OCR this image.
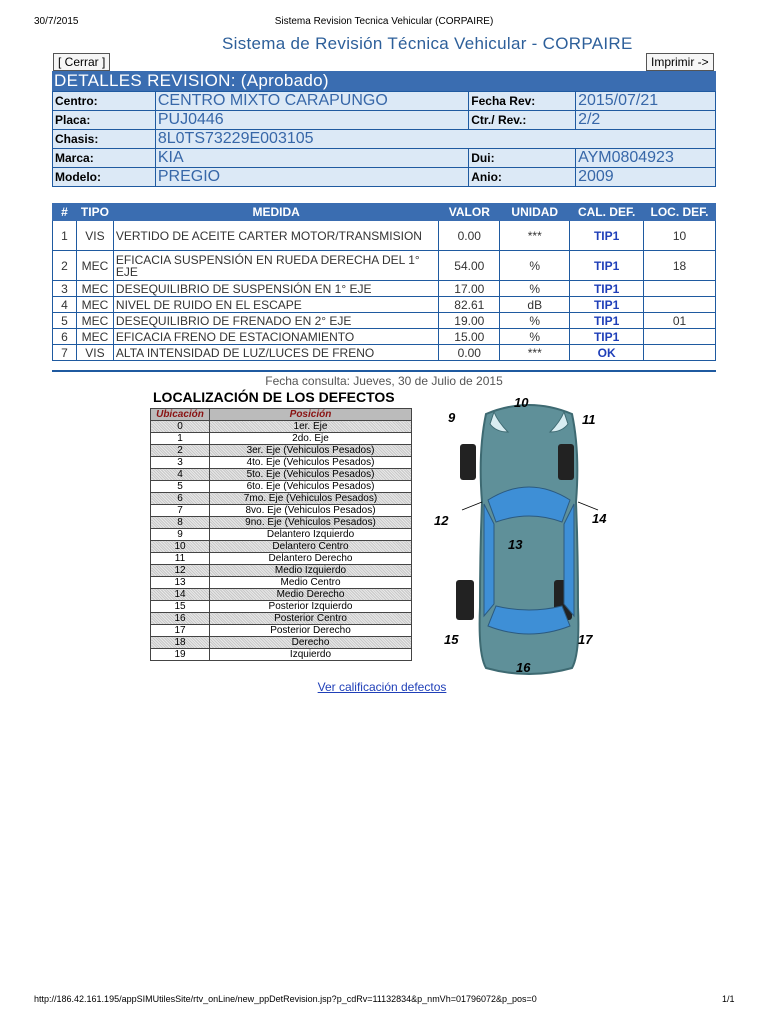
30/7/2015	Sistema Revision Tecnica Vehicular (CORPAIRE)
Sistema de Revisión Técnica Vehicular - CORPAIRE
[ Cerrar ]	Imprimir ->
DETALLES REVISION: (Aprobado)
Centro:	CENTRO MIXTO CARAPUNGO	Fecha Rev:	2015/07/21
Placa:	PUJ0446	Ctr./ Rev.:	2/2
Chasis:	8L0TS73229E003105		
Marca:	KIA	Dui:	AYM0804923
Modelo:	PREGIO	Anio:	2009
#	TIPO	MEDIDA	VALOR	UNIDAD	CAL. DEF.	LOC. DEF.
1	VIS	VERTIDO DE ACEITE CARTER MOTOR/TRANSMISION	0.00	***	TIP1	10
2	MEC	EFICACIA SUSPENSIÓN EN RUEDA DERECHA DEL 1° EJE	54.00	%	TIP1	18
3	MEC	DESEQUILIBRIO DE SUSPENSIÓN EN 1° EJE	17.00	%	TIP1	
4	MEC	NIVEL DE RUIDO EN EL ESCAPE	82.61	dB	TIP1	
5	MEC	DESEQUILIBRIO DE FRENADO EN 2° EJE	19.00	%	TIP1	01
6	MEC	EFICACIA FRENO DE ESTACIONAMIENTO	15.00	%	TIP1	
7	VIS	ALTA INTENSIDAD DE LUZ/LUCES DE FRENO	0.00	***	OK	
Fecha consulta: Jueves, 30 de Julio de 2015
LOCALIZACIÓN DE LOS DEFECTOS
Ubicación	Posición
0	1er. Eje
1	2do. Eje
2	3er. Eje (Vehiculos Pesados)
3	4to. Eje (Vehiculos Pesados)
4	5to. Eje (Vehiculos Pesados)
5	6to. Eje (Vehiculos Pesados)
6	7mo. Eje (Vehiculos Pesados)
7	8vo. Eje (Vehiculos Pesados)
8	9no. Eje (Vehiculos Pesados)
9	Delantero Izquierdo
10	Delantero Centro
11	Delantero Derecho
12	Medio Izquierdo
13	Medio Centro
14	Medio Derecho
15	Posterior Izquierdo
16	Posterior Centro
17	Posterior Derecho
18	Derecho
19	Izquierdo
9
10
11
12
13
14
15
16
17
Ver calificación defectos
http://186.42.161.195/appSIMUtilesSite/rtv_onLine/new_ppDetRevision.jsp?p_cdRv=11132834&p_nmVh=01796072&p_pos=0	1/1
